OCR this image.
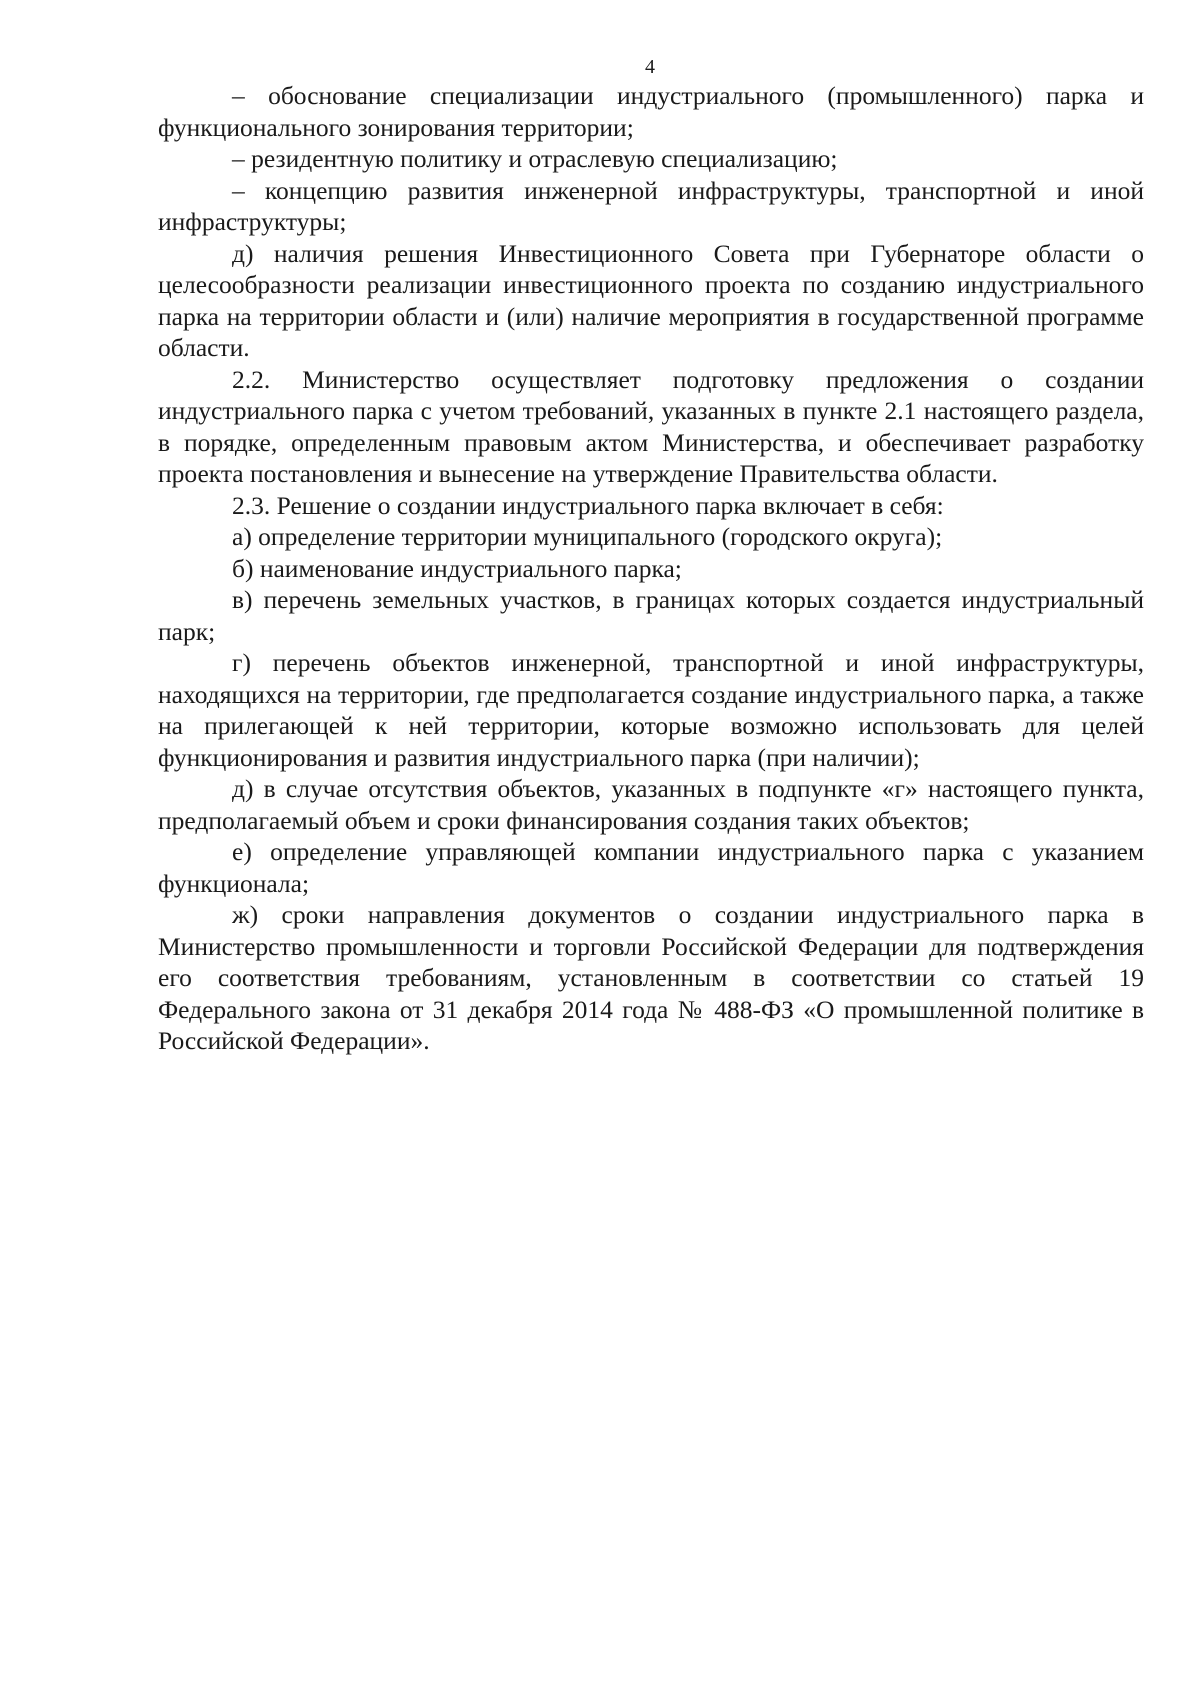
4

– обоснование специализации индустриального (промышленного) парка и функционального зонирования территории;

– резидентную политику и отраслевую специализацию;

– концепцию развития инженерной инфраструктуры, транспортной и иной инфраструктуры;

д) наличия решения Инвестиционного Совета при Губернаторе области о целесообразности реализации инвестиционного проекта по созданию индустриального парка на территории области и (или) наличие мероприятия в государственной программе области.

2.2. Министерство осуществляет подготовку предложения о создании индустриального парка с учетом требований, указанных в пункте 2.1 настоящего раздела, в порядке, определенным правовым актом Министерства, и обеспечивает разработку проекта постановления и вынесение на утверждение Правительства области.

2.3. Решение о создании индустриального парка включает в себя:

а) определение территории муниципального (городского округа);

б) наименование индустриального парка;

в) перечень земельных участков, в границах которых создается индустриальный парк;

г) перечень объектов инженерной, транспортной и иной инфраструктуры, находящихся на территории, где предполагается создание индустриального парка, а также на прилегающей к ней территории, которые возможно использовать для целей функционирования и развития индустриального парка (при наличии);

д) в случае отсутствия объектов, указанных в подпункте «г» настоящего пункта, предполагаемый объем и сроки финансирования создания таких объектов;

е) определение управляющей компании индустриального парка с указанием функционала;

ж) сроки направления документов о создании индустриального парка в Министерство промышленности и торговли Российской Федерации для подтверждения его соответствия требованиям, установленным в соответствии со статьей 19 Федерального закона от 31 декабря 2014 года № 488-ФЗ «О промышленной политике в Российской Федерации».
